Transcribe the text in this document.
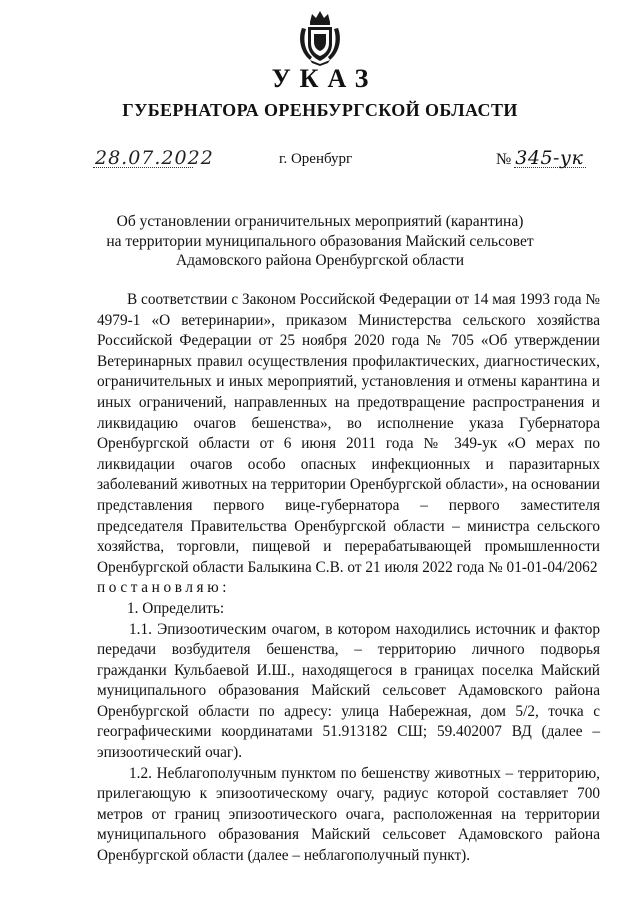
УКАЗ
ГУБЕРНАТОРА ОРЕНБУРГСКОЙ ОБЛАСТИ
28.07.2022	г. Оренбург	№ 345-ук
Об установлении ограничительных мероприятий (карантина)
на территории муниципального образования Майский сельсовет
Адамовского района Оренбургской области

В соответствии с Законом Российской Федерации от 14 мая 1993 года № 4979-1 «О ветеринарии», приказом Министерства сельского хозяйства Российской Федерации от 25 ноября 2020 года № 705 «Об утверждении Ветеринарных правил осуществления профилактических, диагностических, ограничительных и иных мероприятий, установления и отмены карантина и иных ограничений, направленных на предотвращение распространения и ликвидацию очагов бешенства», во исполнение указа Губернатора Оренбургской области от 6 июня 2011 года № 349-ук «О мерах по ликвидации очагов особо опасных инфекционных и паразитарных заболеваний животных на территории Оренбургской области», на основании представления первого вице-губернатора – первого заместителя председателя Правительства Оренбургской области – министра сельского хозяйства, торговли, пищевой и перерабатывающей промышленности Оренбургской области Балыкина С.В. от 21 июля 2022 года № 01-01-04/2062

постановляю:

1. Определить:

1.1. Эпизоотическим очагом, в котором находились источник и фактор передачи возбудителя бешенства, – территорию личного подворья гражданки Кульбаевой И.Ш., находящегося в границах поселка Майский муниципального образования Майский сельсовет Адамовского района Оренбургской области по адресу: улица Набережная, дом 5/2, точка с географическими координатами 51.913182 СШ; 59.402007 ВД (далее – эпизоотический очаг).

1.2. Неблагополучным пунктом по бешенству животных – территорию, прилегающую к эпизоотическому очагу, радиус которой составляет 700 метров от границ эпизоотического очага, расположенная на территории муниципального образования Майский сельсовет Адамовского района Оренбургской области (далее – неблагополучный пункт).
